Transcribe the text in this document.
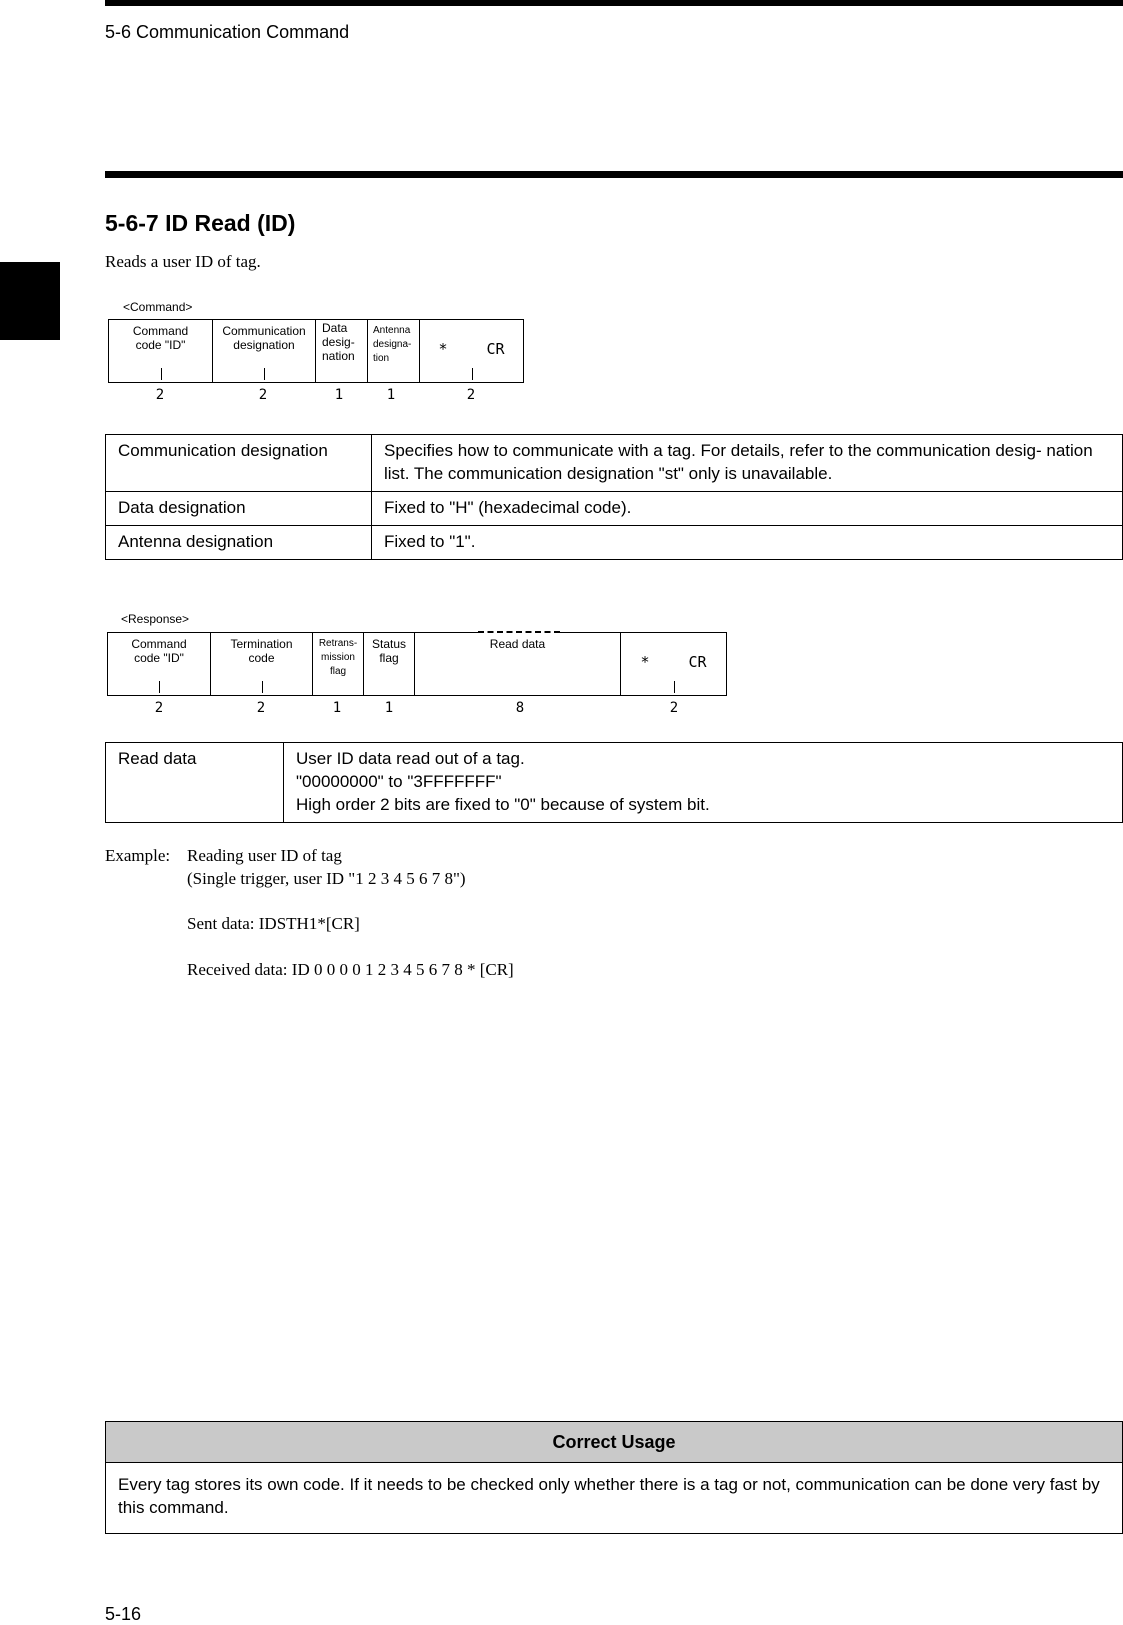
5-6 Communication Command
5-6-7 ID Read (ID)
Reads a user ID of tag.
<Command>
Command code "ID"
Communication designation
Data desig- nation
Antenna designa- tion
* CR
2	2	1	1	2
Communication designation	Specifies how to communicate with a tag. For details, refer to the communication desig- nation list. The communication designation "st" only is unavailable.
Data designation	Fixed to "H" (hexadecimal code).
Antenna designation	Fixed to "1".
<Response>
Command code "ID"
Termination code
Retrans- mission flag
Status flag
Read data
* CR
2	2	1	1	8	2
Read data	User ID data read out of a tag.
"00000000" to "3FFFFFFF"
High order 2 bits are fixed to "0" because of system bit.
Example: Reading user ID of tag
(Single trigger, user ID "1 2 3 4 5 6 7 8")
Sent data: IDSTH1*[CR]
Received data: ID 0 0 0 0 1 2 3 4 5 6 7 8 * [CR]
Correct Usage
Every tag stores its own code. If it needs to be checked only whether there is a tag or not, communication can be done very fast by this command.
5-16
